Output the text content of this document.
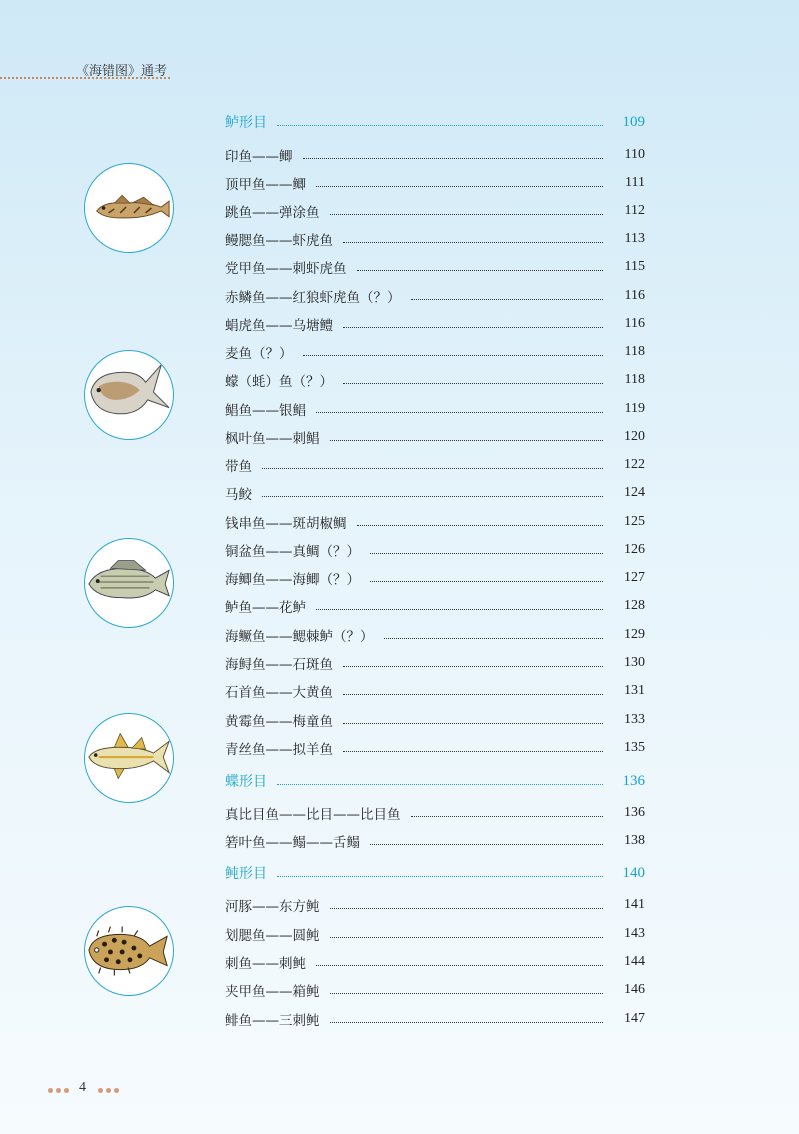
《海错图》通考
鲈形目	109
印鱼——鲫	110
顶甲鱼——鲫	111
跳鱼——弹涂鱼	112
鳗腮鱼——虾虎鱼	113
党甲鱼——刺虾虎鱼	115
赤鳞鱼——红狼虾虎鱼（？）	116
蜎虎鱼——乌塘鳢	116
麦鱼（？）	118
蠓（蚝）鱼（？）	118
鲳鱼——银鲳	119
枫叶鱼——刺鲳	120
带鱼	122
马鲛	124
钱串鱼——斑胡椒鲷	125
铜盆鱼——真鲷（？）	126
海鲫鱼——海鲫（？）	127
鲈鱼——花鲈	128
海鳜鱼——鳃棘鲈（？）	129
海鲟鱼——石斑鱼	130
石首鱼——大黄鱼	131
黄霉鱼——梅童鱼	133
青丝鱼——拟羊鱼	135
蝶形目	136
真比目鱼——比目——比目鱼	136
箬叶鱼——鳎——舌鳎	138
鲀形目	140
河豚——东方鲀	141
划腮鱼——圆鲀	143
刺鱼——刺鲀	144
夹甲鱼——箱鲀	146
鲱鱼——三刺鲀	147
4
